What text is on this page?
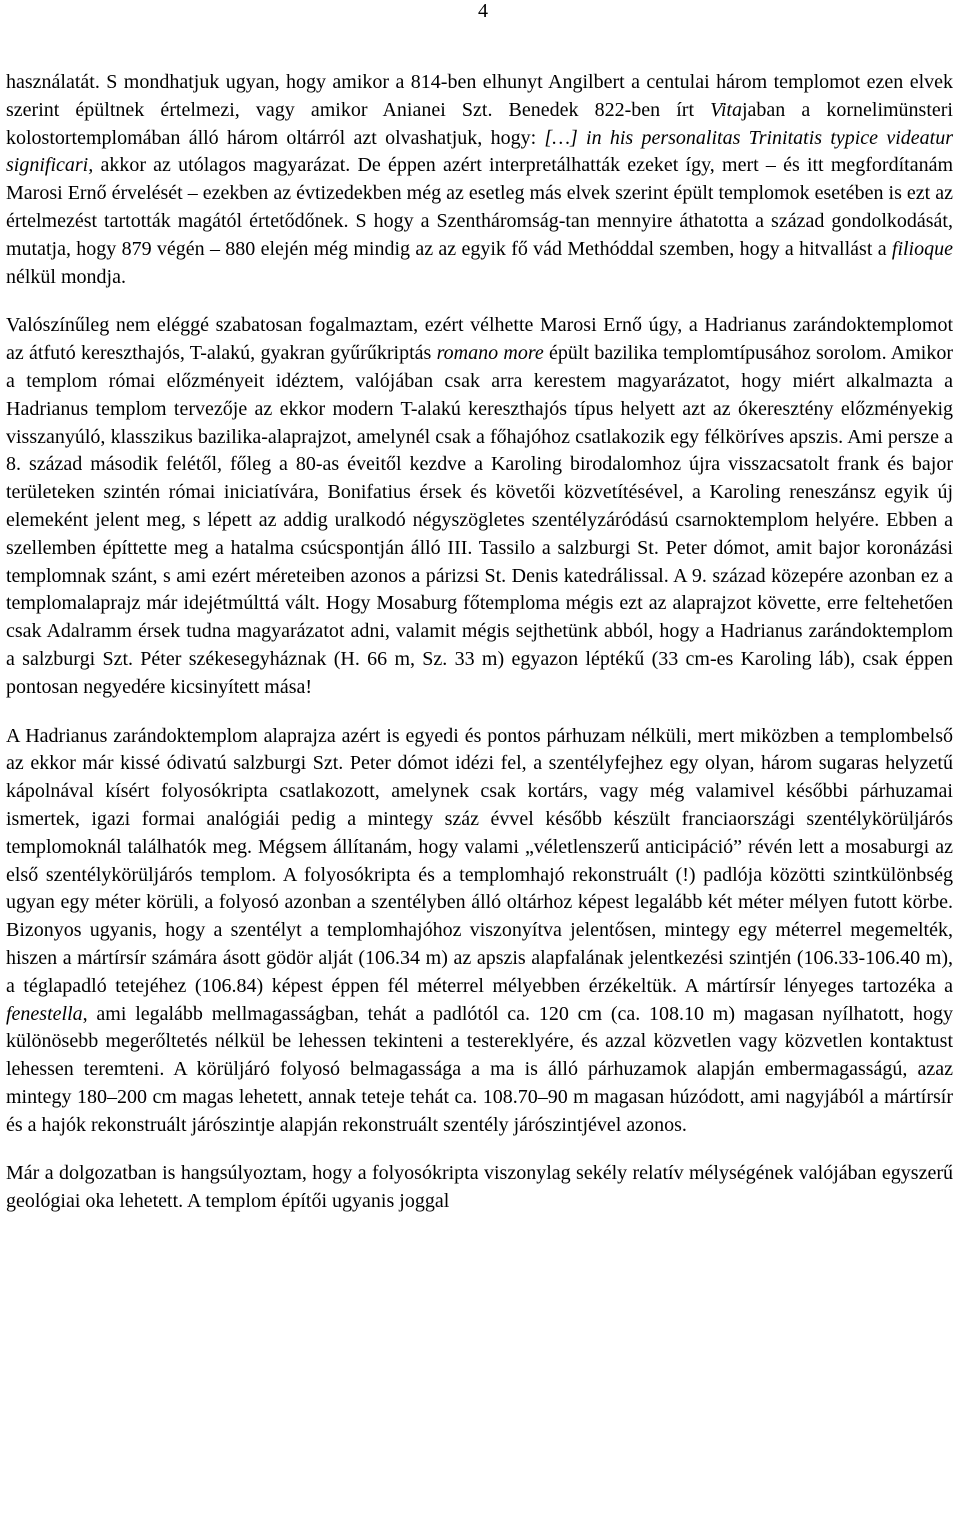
4

használatát. S mondhatjuk ugyan, hogy amikor a 814-ben elhunyt Angilbert a centulai három templomot ezen elvek szerint épültnek értelmezi, vagy amikor Anianei Szt. Benedek 822-ben írt Vitajaban a kornelimünsteri kolostortemplomában álló három oltárról azt olvashatjuk, hogy: […] in his personalitas Trinitatis typice videatur significari, akkor az utólagos magyarázat. De éppen azért interpretálhatták ezeket így, mert – és itt megfordítanám Marosi Ernő érvelését – ezekben az évtizedekben még az esetleg más elvek szerint épült templomok esetében is ezt az értelmezést tartották magától értetődőnek. S hogy a Szentháromság-tan mennyire áthatotta a század gondolkodását, mutatja, hogy 879 végén – 880 elején még mindig az az egyik fő vád Methóddal szemben, hogy a hitvallást a filioque nélkül mondja.

Valószínűleg nem eléggé szabatosan fogalmaztam, ezért vélhette Marosi Ernő úgy, a Hadrianus zarándoktemplomot az átfutó kereszthajós, T-alakú, gyakran gyűrűkriptás romano more épült bazilika templomtípusához sorolom. Amikor a templom római előzményeit idéztem, valójában csak arra kerestem magyarázatot, hogy miért alkalmazta a Hadrianus templom tervezője az ekkor modern T-alakú kereszthajós típus helyett azt az ókeresztény előzményekig visszanyúló, klasszikus bazilika-alaprajzot, amelynél csak a főhajóhoz csatlakozik egy félköríves apszis. Ami persze a 8. század második felétől, főleg a 80-as éveitől kezdve a Karoling birodalomhoz újra visszacsatolt frank és bajor területeken szintén római iniciatívára, Bonifatius érsek és követői közvetítésével, a Karoling reneszánsz egyik új elemeként jelent meg, s lépett az addig uralkodó négyszögletes szentélyzáródású csarnoktemplom helyére. Ebben a szellemben építtette meg a hatalma csúcspontján álló III. Tassilo a salzburgi St. Peter dómot, amit bajor koronázási templomnak szánt, s ami ezért méreteiben azonos a párizsi St. Denis katedrálissal. A 9. század közepére azonban ez a templomalaprajz már idejétmúlttá vált. Hogy Mosaburg főtemploma mégis ezt az alaprajzot követte, erre feltehetően csak Adalramm érsek tudna magyarázatot adni, valamit mégis sejthetünk abból, hogy a Hadrianus zarándoktemplom a salzburgi Szt. Péter székesegyháznak (H. 66 m, Sz. 33 m) egyazon léptékű (33 cm-es Karoling láb), csak éppen pontosan negyedére kicsinyített mása!

A Hadrianus zarándoktemplom alaprajza azért is egyedi és pontos párhuzam nélküli, mert miközben a templombelső az ekkor már kissé ódivatú salzburgi Szt. Peter dómot idézi fel, a szentélyfejhez egy olyan, három sugaras helyzetű kápolnával kísért folyosókripta csatlakozott, amelynek csak kortárs, vagy még valamivel későbbi párhuzamai ismertek, igazi formai analógiái pedig a mintegy száz évvel később készült franciaországi szentélykörüljárós templomoknál találhatók meg. Mégsem állítanám, hogy valami „véletlenszerű anticipáció” révén lett a mosaburgi az első szentélykörüljárós templom. A folyosókripta és a templomhajó rekonstruált (!) padlója közötti szintkülönbség ugyan egy méter körüli, a folyosó azonban a szentélyben álló oltárhoz képest legalább két méter mélyen futott körbe. Bizonyos ugyanis, hogy a szentélyt a templomhajóhoz viszonyítva jelentősen, mintegy egy méterrel megemelték, hiszen a mártírsír számára ásott gödör alját (106.34 m) az apszis alapfalának jelentkezési szintjén (106.33-106.40 m), a téglapadló tetejéhez (106.84) képest éppen fél méterrel mélyebben érzékeltük. A mártírsír lényeges tartozéka a fenestella, ami legalább mellmagasságban, tehát a padlótól ca. 120 cm (ca. 108.10 m) magasan nyílhatott, hogy különösebb megerőltetés nélkül be lehessen tekinteni a testereklyére, és azzal közvetlen vagy közvetlen kontaktust lehessen teremteni. A körüljáró folyosó belmagassága a ma is álló párhuzamok alapján embermagasságú, azaz mintegy 180–200 cm magas lehetett, annak teteje tehát ca. 108.70–90 m magasan húzódott, ami nagyjából a mártírsír és a hajók rekonstruált járószintje alapján rekonstruált szentély járószintjével azonos.

Már a dolgozatban is hangsúlyoztam, hogy a folyosókripta viszonylag sekély relatív mélységének valójában egyszerű geológiai oka lehetett. A templom építői ugyanis joggal
